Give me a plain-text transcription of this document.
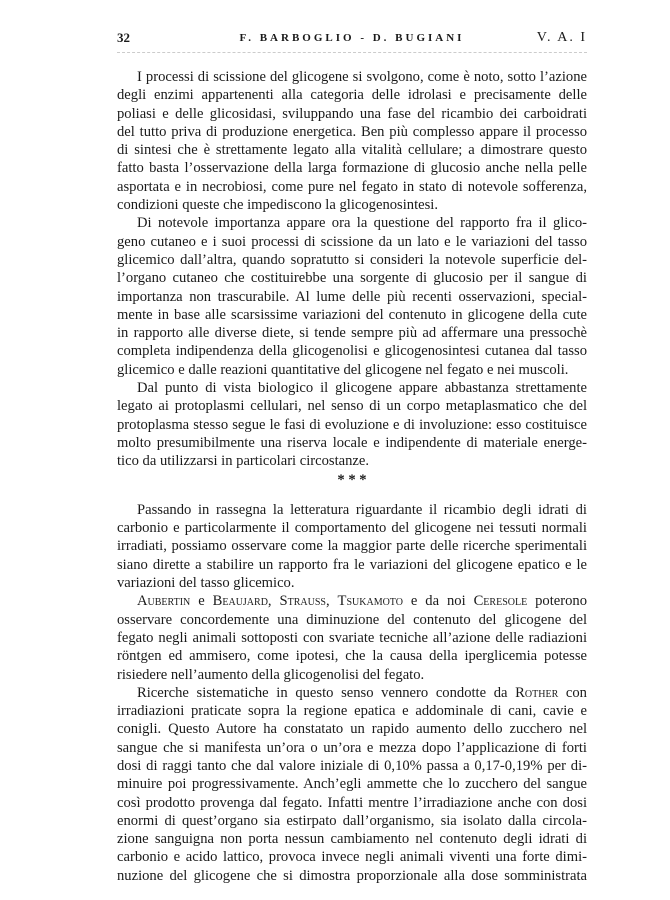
32	F. BARBOGLIO - D. BUGIANI	V. A. I
I processi di scissione del glicogene si svolgono, come è noto, sotto l’azione
degli enzimi appartenenti alla categoria delle idrolasi e precisamente delle
poliasi e delle glicosidasi, sviluppando una fase del ricambio dei carboidrati
del tutto priva di produzione energetica. Ben più complesso appare il processo
di sintesi che è strettamente legato alla vitalità cellulare; a dimostrare questo
fatto basta l’osservazione della larga formazione di glucosio anche nella pelle
asportata e in necrobiosi, come pure nel fegato in stato di notevole sofferenza,
condizioni queste che impediscono la glicogenosintesi.
Di notevole importanza appare ora la questione del rapporto fra il glico-
geno cutaneo e i suoi processi di scissione da un lato e le variazioni del tasso
glicemico dall’altra, quando sopratutto si consideri la notevole superficie del-
l’organo cutaneo che costituirebbe una sorgente di glucosio per il sangue di
importanza non trascurabile. Al lume delle più recenti osservazioni, special-
mente in base alle scarsissime variazioni del contenuto in glicogene della cute
in rapporto alle diverse diete, si tende sempre più ad affermare una pressochè
completa indipendenza della glicogenolisi e glicogenosintesi cutanea dal tasso
glicemico e dalle reazioni quantitative del glicogene nel fegato e nei muscoli.
Dal punto di vista biologico il glicogene appare abbastanza strettamente
legato ai protoplasmi cellulari, nel senso di un corpo metaplasmatico che del
protoplasma stesso segue le fasi di evoluzione e di involuzione: esso costituisce
molto presumibilmente una riserva locale e indipendente di materiale energe-
tico da utilizzarsi in particolari circostanze.
* * *
Passando in rassegna la letteratura riguardante il ricambio degli idrati di
carbonio e particolarmente il comportamento del glicogene nei tessuti normali
irradiati, possiamo osservare come la maggior parte delle ricerche sperimentali
siano dirette a stabilire un rapporto fra le variazioni del glicogene epatico e le
variazioni del tasso glicemico.
Aubertin e Beaujard, Strauss, Tsukamoto e da noi Ceresole poterono
osservare concordemente una diminuzione del contenuto del glicogene del
fegato negli animali sottoposti con svariate tecniche all’azione delle radiazioni
röntgen ed ammisero, come ipotesi, che la causa della iperglicemia potesse
risiedere nell’aumento della glicogenolisi del fegato.
Ricerche sistematiche in questo senso vennero condotte da Rother con
irradiazioni praticate sopra la regione epatica e addominale di cani, cavie e
conigli. Questo Autore ha constatato un rapido aumento dello zucchero nel
sangue che si manifesta un’ora o un’ora e mezza dopo l’applicazione di forti
dosi di raggi tanto che dal valore iniziale di 0,10% passa a 0,17-0,19% per di-
minuire poi progressivamente. Anch’egli ammette che lo zucchero del sangue
così prodotto provenga dal fegato. Infatti mentre l’irradiazione anche con dosi
enormi di quest’organo sia estirpato dall’organismo, sia isolato dalla circola-
zione sanguigna non porta nessun cambiamento nel contenuto degli idrati di
carbonio e acido lattico, provoca invece negli animali viventi una forte dimi-
nuzione del glicogene che si dimostra proporzionale alla dose somministrata
